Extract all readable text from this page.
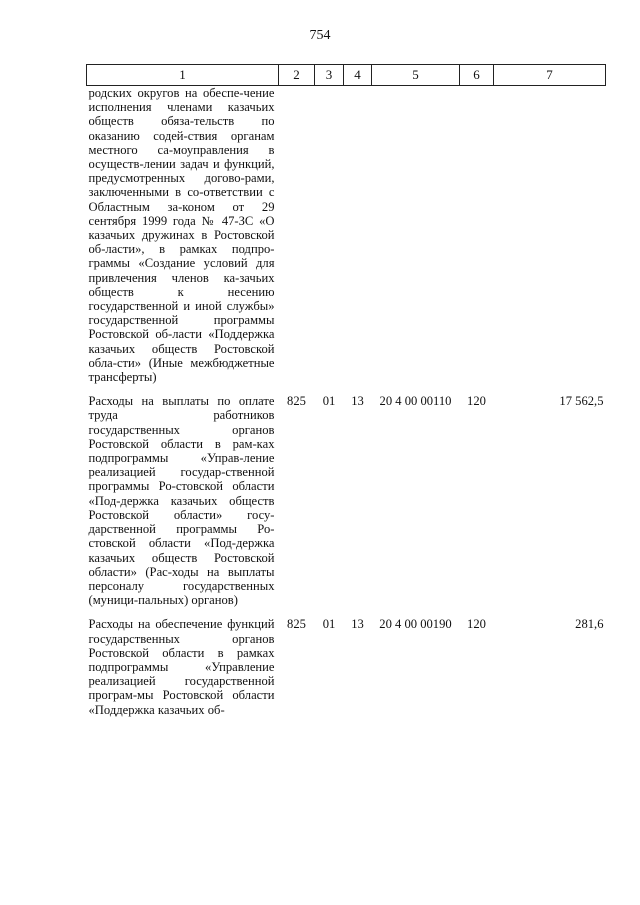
754
1	2	3	4	5	6	7
родских округов на обеспе-чение исполнения членами казачьих обществ обяза-тельств по оказанию содей-ствия органам местного са-моуправления в осуществ-лении задач и функций, предусмотренных догово-рами, заключенными в со-ответствии с Областным за-коном от 29 сентября 1999 года № 47-ЗС «О казачьих дружинах в Ростовской об-ласти», в рамках подпро-граммы «Создание условий для привлечения членов ка-зачьих обществ к несению государственной и иной службы» государственной программы Ростовской об-ласти «Поддержка казачьих обществ Ростовской обла-сти» (Иные межбюджетные трансферты)						
Расходы на выплаты по оплате труда работников государственных органов Ростовской области в рам-ках подпрограммы «Управ-ление реализацией государ-ственной программы Ро-стовской области «Под-держка казачьих обществ Ростовской области» госу-дарственной программы Ро-стовской области «Под-держка казачьих обществ Ростовской области» (Рас-ходы на выплаты персоналу государственных (муници-пальных) органов)	825	01	13	20 4 00 00110	120	17 562,5
Расходы на обеспечение функций государственных органов Ростовской области в рамках подпрограммы «Управление реализацией государственной програм-мы Ростовской области «Поддержка казачьих об-	825	01	13	20 4 00 00190	120	281,6
